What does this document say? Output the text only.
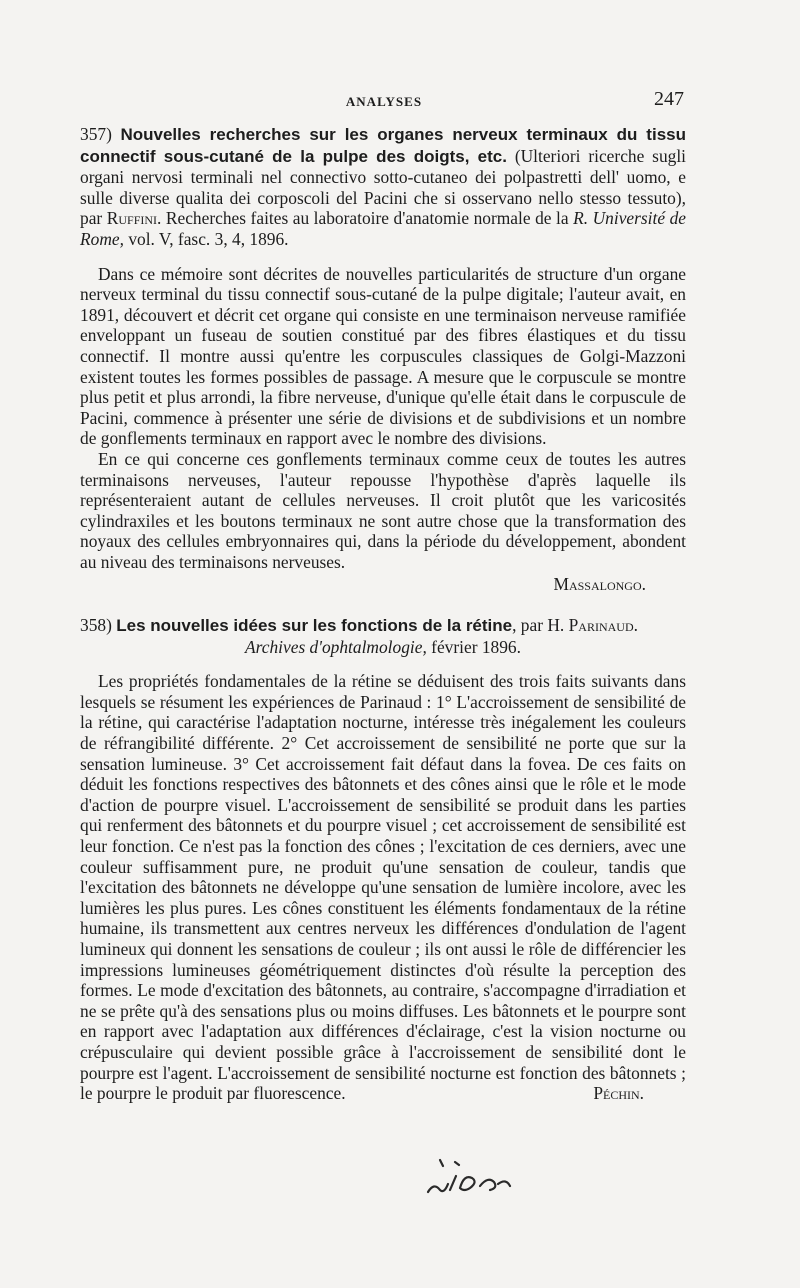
ANALYSES	247

357) Nouvelles recherches sur les organes nerveux terminaux du tissu connectif sous-cutané de la pulpe des doigts, etc. (Ulteriori ricerche sugli organi nervosi terminali nel connectivo sotto-cutaneo dei polpastretti dell' uomo, e sulle diverse qualita dei corposcoli del Pacini che si osservano nello stesso tessuto), par Ruffini. Recherches faites au laboratoire d'anatomie normale de la R. Université de Rome, vol. V, fasc. 3, 4, 1896.

Dans ce mémoire sont décrites de nouvelles particularités de structure d'un organe nerveux terminal du tissu connectif sous-cutané de la pulpe digitale; l'auteur avait, en 1891, découvert et décrit cet organe qui consiste en une terminaison nerveuse ramifiée enveloppant un fuseau de soutien constitué par des fibres élastiques et du tissu connectif. Il montre aussi qu'entre les corpuscules classiques de Golgi-Mazzoni existent toutes les formes possibles de passage. A mesure que le corpuscule se montre plus petit et plus arrondi, la fibre nerveuse, d'unique qu'elle était dans le corpuscule de Pacini, commence à présenter une série de divisions et de subdivisions et un nombre de gonflements terminaux en rapport avec le nombre des divisions.

En ce qui concerne ces gonflements terminaux comme ceux de toutes les autres terminaisons nerveuses, l'auteur repousse l'hypothèse d'après laquelle ils représenteraient autant de cellules nerveuses. Il croit plutôt que les varicosités cylindraxiles et les boutons terminaux ne sont autre chose que la transformation des noyaux des cellules embryonnaires qui, dans la période du développement, abondent au niveau des terminaisons nerveuses.

Massalongo.

358) Les nouvelles idées sur les fonctions de la rétine, par H. Parinaud.

Archives d'ophtalmologie, février 1896.

Les propriétés fondamentales de la rétine se déduisent des trois faits suivants dans lesquels se résument les expériences de Parinaud : 1° L'accroissement de sensibilité de la rétine, qui caractérise l'adaptation nocturne, intéresse très inégalement les couleurs de réfrangibilité différente. 2° Cet accroissement de sensibilité ne porte que sur la sensation lumineuse. 3° Cet accroissement fait défaut dans la fovea. De ces faits on déduit les fonctions respectives des bâtonnets et des cônes ainsi que le rôle et le mode d'action de pourpre visuel. L'accroissement de sensibilité se produit dans les parties qui renferment des bâtonnets et du pourpre visuel ; cet accroissement de sensibilité est leur fonction. Ce n'est pas la fonction des cônes ; l'excitation de ces derniers, avec une couleur suffisamment pure, ne produit qu'une sensation de couleur, tandis que l'excitation des bâtonnets ne développe qu'une sensation de lumière incolore, avec les lumières les plus pures. Les cônes constituent les éléments fondamentaux de la rétine humaine, ils transmettent aux centres nerveux les différences d'ondulation de l'agent lumineux qui donnent les sensations de couleur ; ils ont aussi le rôle de différencier les impressions lumineuses géométriquement distinctes d'où résulte la perception des formes. Le mode d'excitation des bâtonnets, au contraire, s'accompagne d'irradiation et ne se prête qu'à des sensations plus ou moins diffuses. Les bâtonnets et le pourpre sont en rapport avec l'adaptation aux différences d'éclairage, c'est la vision nocturne ou crépusculaire qui devient possible grâce à l'accroissement de sensibilité dont le pourpre est l'agent. L'accroissement de sensibilité nocturne est fonction des bâtonnets ; le pourpre le produit par fluorescence.	Péchin.
